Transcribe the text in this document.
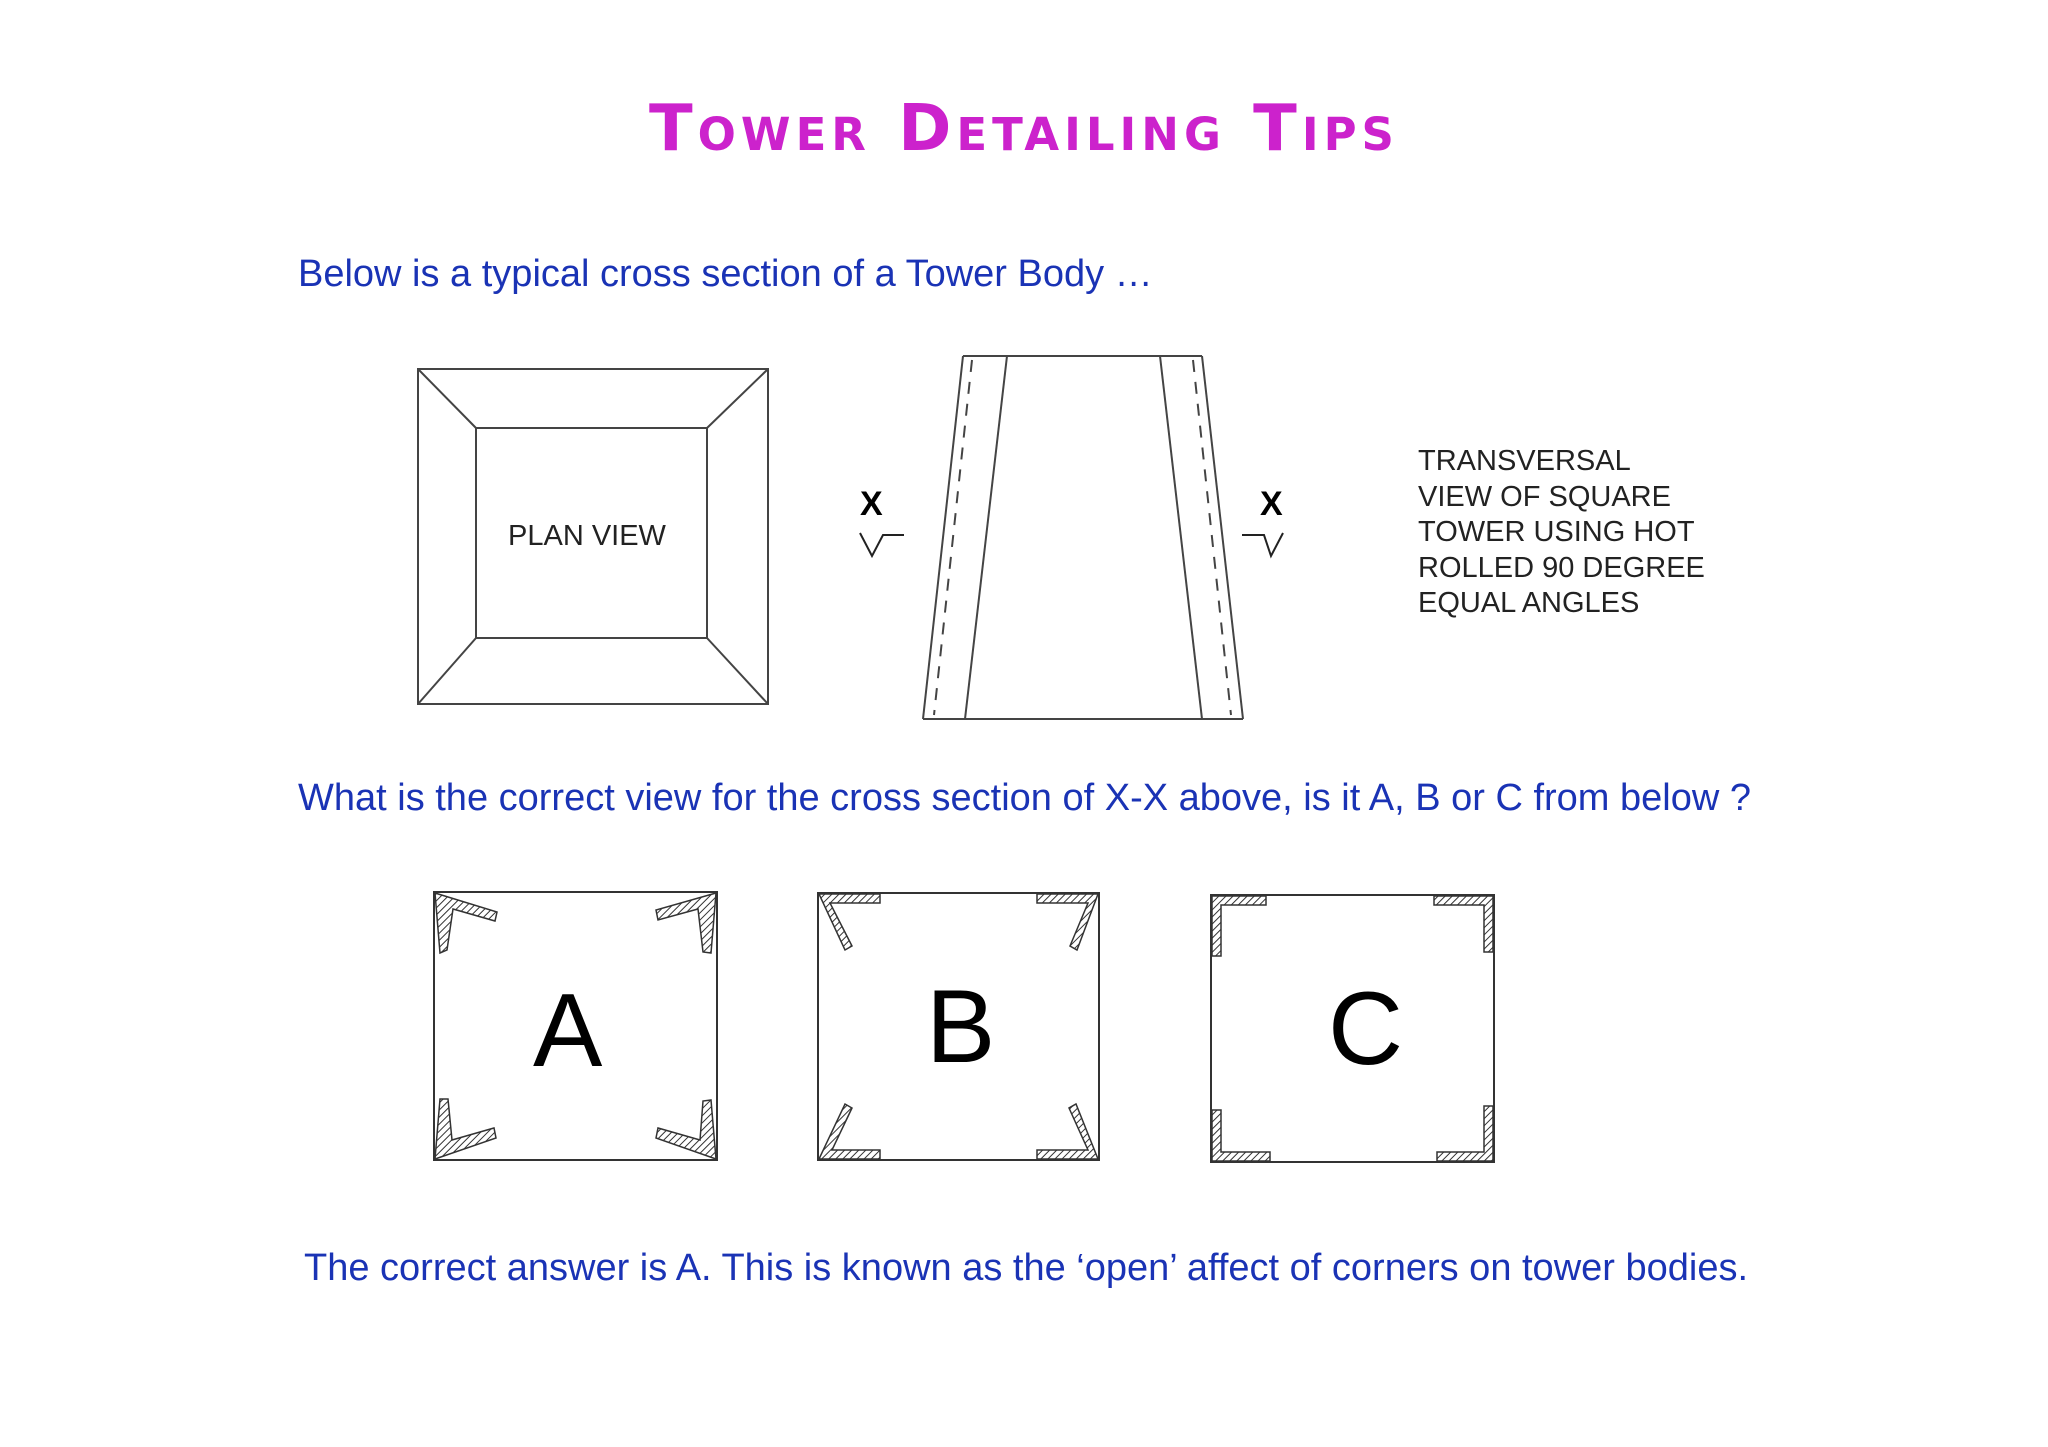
Tower Detailing Tips
Below is a typical cross section of a Tower Body …
PLAN VIEW
X	X
TRANSVERSAL
VIEW OF SQUARE
TOWER USING HOT
ROLLED 90 DEGREE
EQUAL ANGLES
What is the correct view for the cross section of X-X above, is it A, B or C from below ?
A	B	C
The correct answer is A. This is known as the ‘open’ affect of corners on tower bodies.
